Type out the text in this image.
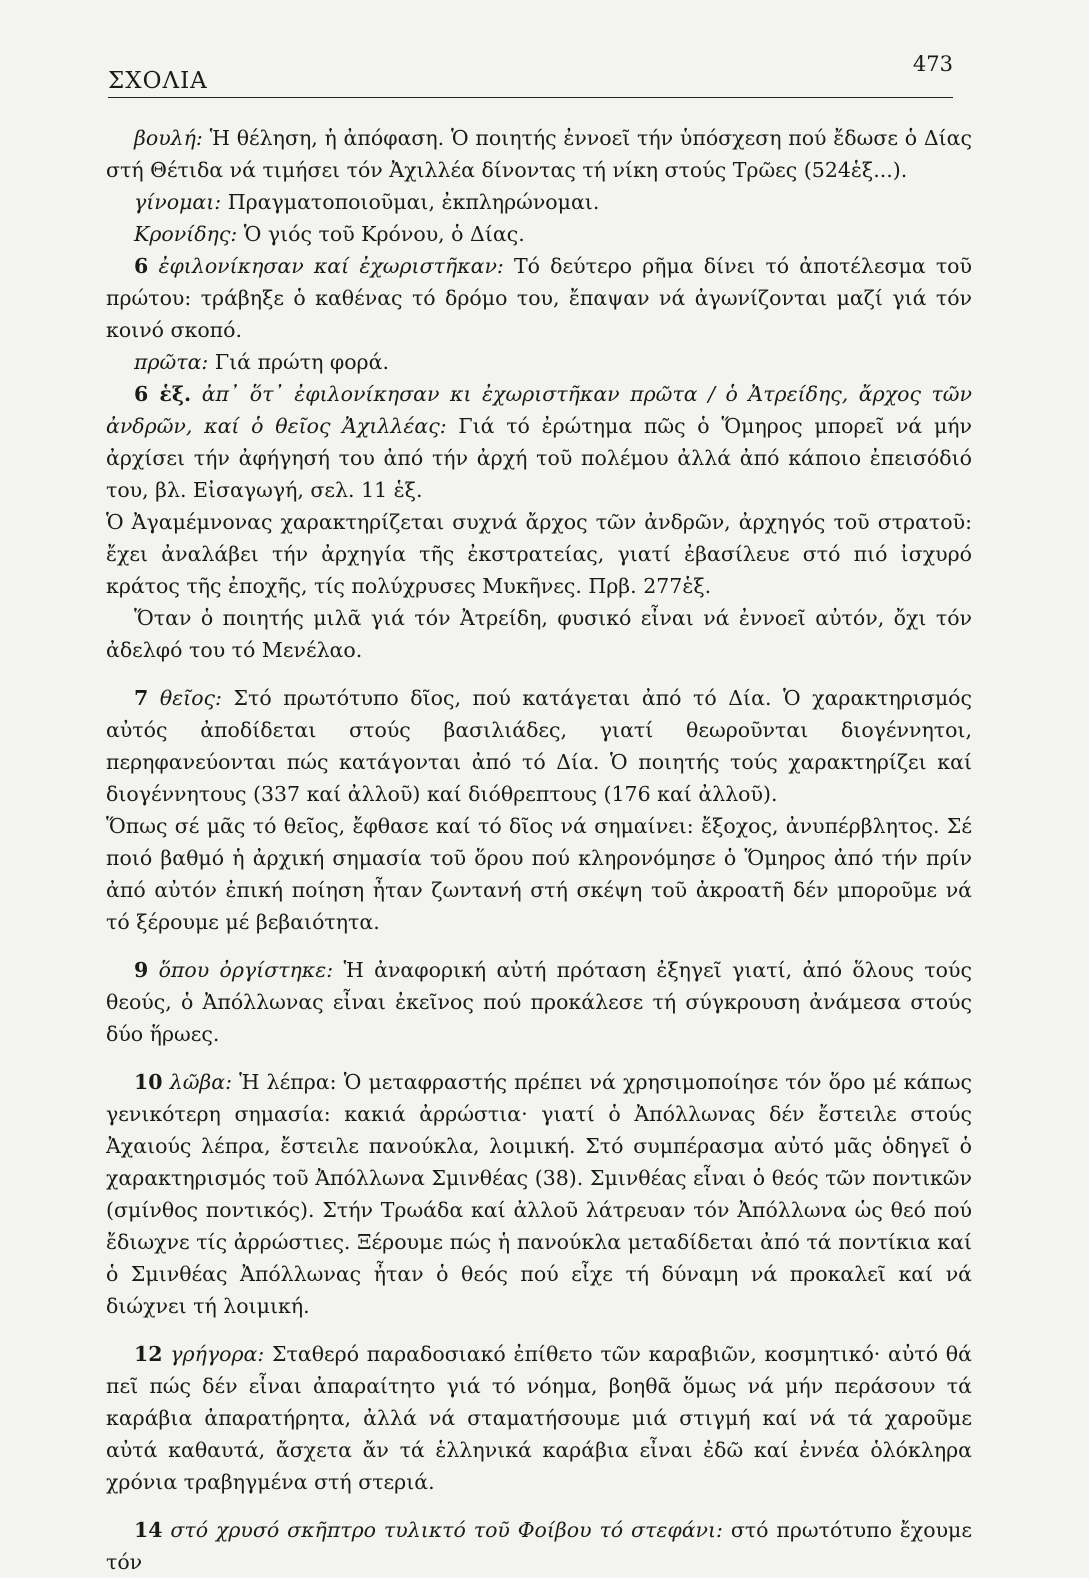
ΣΧΟΛΙΑ
473

βουλή: Ἡ θέληση, ἡ ἀπόφαση. Ὁ ποιητής ἐννοεῖ τήν ὑπόσχεση πού ἔδωσε ὁ Δίας στή Θέτιδα νά τιμήσει τόν Ἀχιλλέα δίνοντας τή νίκη στούς Τρῶες (524ἑξ...).

γίνομαι: Πραγματοποιοῦμαι, ἐκπληρώνομαι.

Κρονίδης: Ὁ γιός τοῦ Κρόνου, ὁ Δίας.

6 ἐφιλονίκησαν καί ἐχωριστῆκαν: Τό δεύτερο ρῆμα δίνει τό ἀποτέλεσμα τοῦ πρώτου: τράβηξε ὁ καθένας τό δρόμο του, ἔπαψαν νά ἀγωνίζονται μαζί γιά τόν κοινό σκοπό.

πρῶτα: Γιά πρώτη φορά.

6 ἑξ. ἀπ᾿ ὅτ᾿ ἐφιλονίκησαν κι ἐχωριστῆκαν πρῶτα / ὁ Ἀτρείδης, ἄρχος τῶν ἀνδρῶν, καί ὁ θεῖος Ἀχιλλέας: Γιά τό ἐρώτημα πῶς ὁ Ὅμηρος μπορεῖ νά μήν ἀρχίσει τήν ἀφήγησή του ἀπό τήν ἀρχή τοῦ πολέμου ἀλλά ἀπό κάποιο ἐπεισόδιό του, βλ. Εἰσαγωγή, σελ. 11 ἑξ.

Ὁ Ἀγαμέμνονας χαρακτηρίζεται συχνά ἄρχος τῶν ἀνδρῶν, ἀρχηγός τοῦ στρατοῦ: ἔχει ἀναλάβει τήν ἀρχηγία τῆς ἐκστρατείας, γιατί ἐβασίλευε στό πιό ἰσχυρό κράτος τῆς ἐποχῆς, τίς πολύχρυσες Μυκῆνες. Πρβ. 277ἑξ.

Ὅταν ὁ ποιητής μιλᾶ γιά τόν Ἀτρείδη, φυσικό εἶναι νά ἐννοεῖ αὐτόν, ὄχι τόν ἀδελφό του τό Μενέλαο.

7 θεῖος: Στό πρωτότυπο δῖος, πού κατάγεται ἀπό τό Δία. Ὁ χαρακτηρισμός αὐτός ἀποδίδεται στούς βασιλιάδες, γιατί θεωροῦνται διογέννητοι, περηφανεύονται πώς κατάγονται ἀπό τό Δία. Ὁ ποιητής τούς χαρακτηρίζει καί διογέννητους (337 καί ἀλλοῦ) καί διόθρεπτους (176 καί ἀλλοῦ).

Ὅπως σέ μᾶς τό θεῖος, ἔφθασε καί τό δῖος νά σημαίνει: ἔξοχος, ἀνυπέρβλητος. Σέ ποιό βαθμό ἡ ἀρχική σημασία τοῦ ὅρου πού κληρονόμησε ὁ Ὅμηρος ἀπό τήν πρίν ἀπό αὐτόν ἐπική ποίηση ἦταν ζωντανή στή σκέψη τοῦ ἀκροατῆ δέν μποροῦμε νά τό ξέρουμε μέ βεβαιότητα.

9 ὅπου ὀργίστηκε: Ἡ ἀναφορική αὐτή πρόταση ἐξηγεῖ γιατί, ἀπό ὅλους τούς θεούς, ὁ Ἀπόλλωνας εἶναι ἐκεῖνος πού προκάλεσε τή σύγκρουση ἀνάμεσα στούς δύο ἥρωες.

10 λῶβα: Ἡ λέπρα: Ὁ μεταφραστής πρέπει νά χρησιμοποίησε τόν ὅρο μέ κάπως γενικότερη σημασία: κακιά ἀρρώστια· γιατί ὁ Ἀπόλλωνας δέν ἔστειλε στούς Ἀχαιούς λέπρα, ἔστειλε πανούκλα, λοιμική. Στό συμπέρασμα αὐτό μᾶς ὁδηγεῖ ὁ χαρακτηρισμός τοῦ Ἀπόλλωνα Σμινθέας (38). Σμινθέας εἶναι ὁ θεός τῶν ποντικῶν (σμίνθος ποντικός). Στήν Τρωάδα καί ἀλλοῦ λάτρευαν τόν Ἀπόλλωνα ὡς θεό πού ἔδιωχνε τίς ἀρρώστιες. Ξέρουμε πώς ἡ πανούκλα μεταδίδεται ἀπό τά ποντίκια καί ὁ Σμινθέας Ἀπόλλωνας ἦταν ὁ θεός πού εἶχε τή δύναμη νά προκαλεῖ καί νά διώχνει τή λοιμική.

12 γρήγορα: Σταθερό παραδοσιακό ἐπίθετο τῶν καραβιῶν, κοσμητικό· αὐτό θά πεῖ πώς δέν εἶναι ἀπαραίτητο γιά τό νόημα, βοηθᾶ ὅμως νά μήν περάσουν τά καράβια ἀπαρατήρητα, ἀλλά νά σταματήσουμε μιά στιγμή καί νά τά χαροῦμε αὐτά καθαυτά, ἄσχετα ἄν τά ἑλληνικά καράβια εἶναι ἐδῶ καί ἐννέα ὁλόκληρα χρόνια τραβηγμένα στή στεριά.

14 στό χρυσό σκῆπτρο τυλικτό τοῦ Φοίβου τό στεφάνι: στό πρωτότυπο ἔχουμε τόν
